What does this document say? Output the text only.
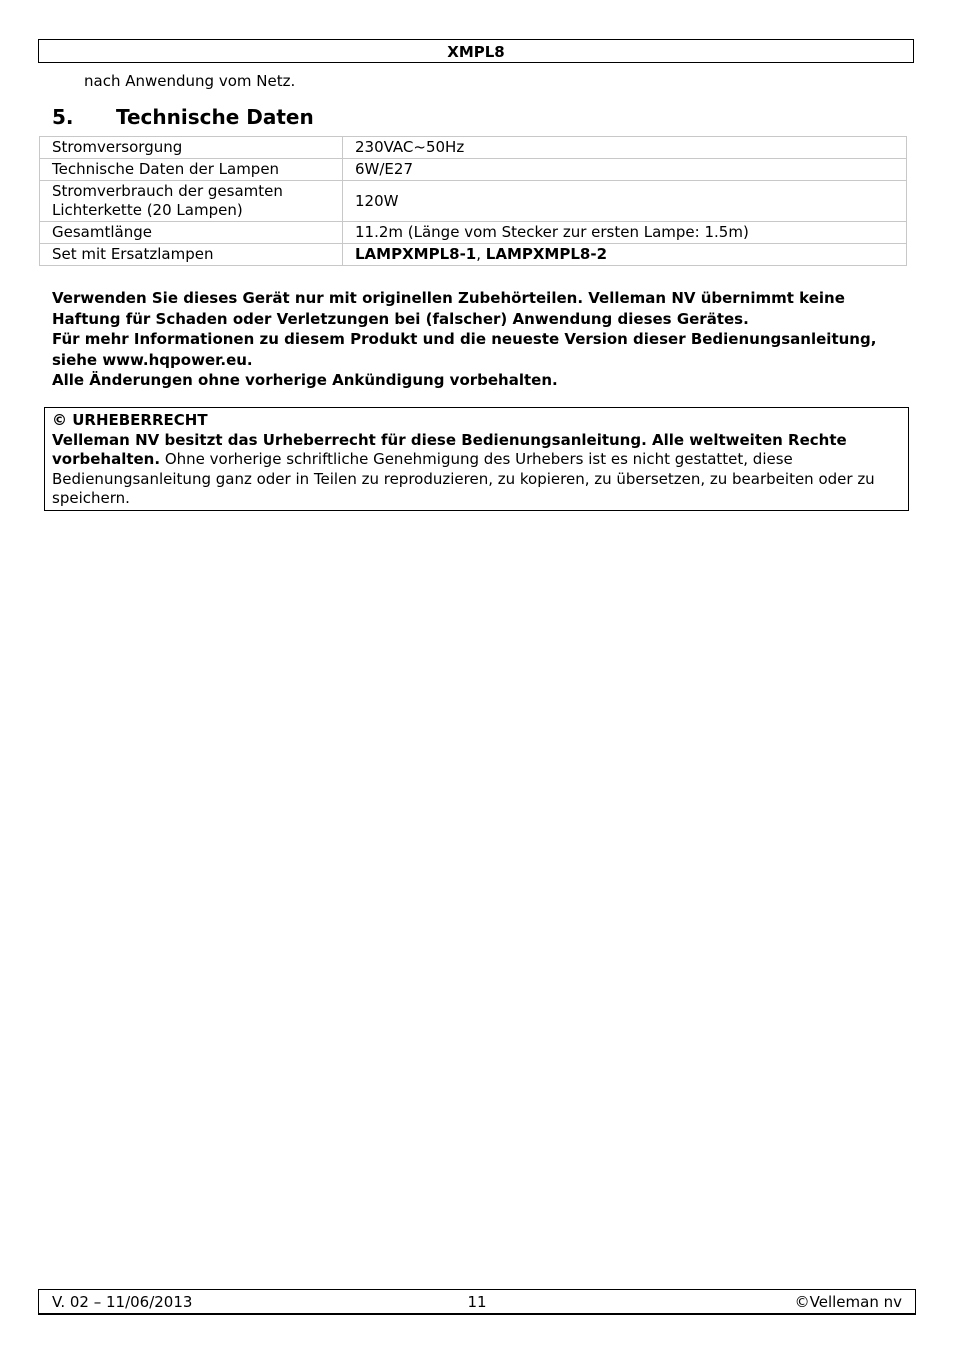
XMPL8
nach Anwendung vom Netz.
5. Technische Daten
Stromversorgung	230VAC~50Hz
Technische Daten der Lampen	6W/E27
Stromverbrauch der gesamten
Lichterkette (20 Lampen)	120W
Gesamtlänge	11.2m (Länge vom Stecker zur ersten Lampe: 1.5m)
Set mit Ersatzlampen	LAMPXMPL8-1, LAMPXMPL8-2

Verwenden Sie dieses Gerät nur mit originellen Zubehörteilen. Velleman NV übernimmt keine Haftung für Schaden oder Verletzungen bei (falscher) Anwendung dieses Gerätes.

Für mehr Informationen zu diesem Produkt und die neueste Version dieser Bedienungsanleitung, siehe www.hqpower.eu.

Alle Änderungen ohne vorherige Ankündigung vorbehalten.

© URHEBERRECHT
Velleman NV besitzt das Urheberrecht für diese Bedienungsanleitung. Alle weltweiten Rechte vorbehalten. Ohne vorherige schriftliche Genehmigung des Urhebers ist es nicht gestattet, diese Bedienungsanleitung ganz oder in Teilen zu reproduzieren, zu kopieren, zu übersetzen, zu bearbeiten oder zu speichern.
V. 02 – 11/06/2013	11	©Velleman nv
